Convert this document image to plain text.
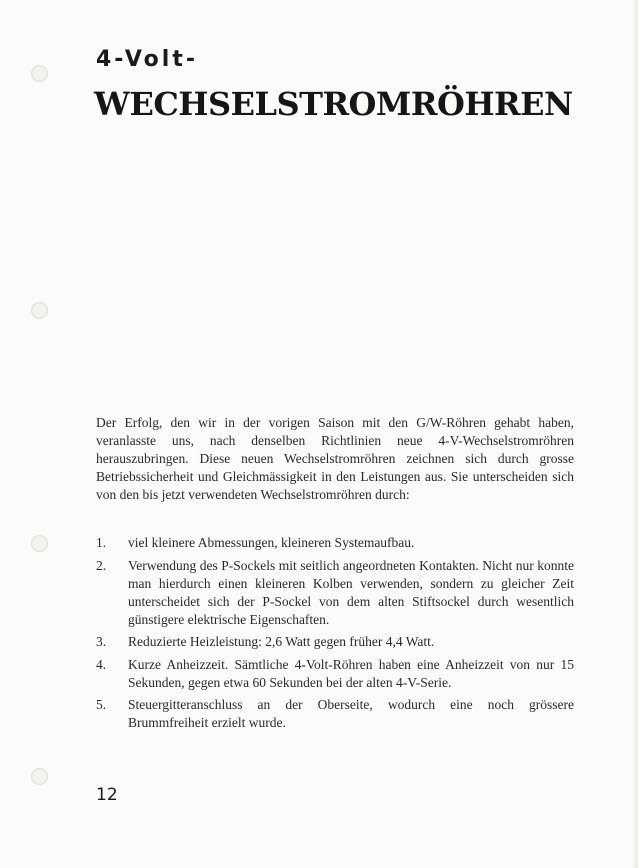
4-Volt-
WECHSELSTROMRÖHREN

Der Erfolg, den wir in der vorigen Saison mit den G/W-Röhren gehabt haben, veranlasste uns, nach denselben Richtlinien neue 4-V-Wechselstromröhren herauszubringen. Diese neuen Wechselstromröhren zeichnen sich durch grosse Betriebssicherheit und Gleichmässigkeit in den Leistungen aus. Sie unterscheiden sich von den bis jetzt verwendeten Wechselstromröhren durch:

1. viel kleinere Abmessungen, kleineren Systemaufbau.
2. Verwendung des P-Sockels mit seitlich angeordneten Kontakten. Nicht nur konnte man hierdurch einen kleineren Kolben verwenden, sondern zu gleicher Zeit unterscheidet sich der P-Sockel von dem alten Stiftsockel durch wesentlich günstigere elektrische Eigenschaften.
3. Reduzierte Heizleistung: 2,6 Watt gegen früher 4,4 Watt.
4. Kurze Anheizzeit. Sämtliche 4-Volt-Röhren haben eine Anheizzeit von nur 15 Sekunden, gegen etwa 60 Sekunden bei der alten 4-V-Serie.
5. Steuergitteranschluss an der Oberseite, wodurch eine noch grössere Brummfreiheit erzielt wurde.

12
